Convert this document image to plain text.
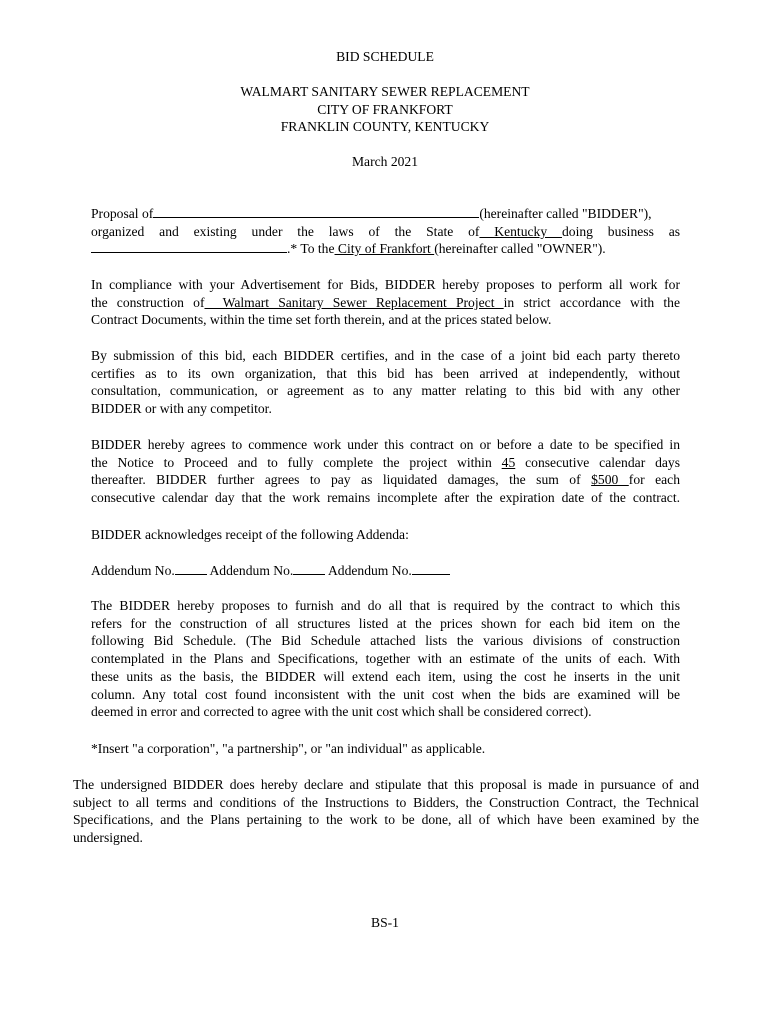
BID SCHEDULE
WALMART SANITARY SEWER REPLACEMENT
CITY OF FRANKFORT
FRANKLIN COUNTY, KENTUCKY
March 2021
Proposal of	(hereinafter called "BIDDER"),
organized and existing under the laws of the State of Kentucky doing business as
.* To the City of Frankfort (hereinafter called "OWNER").
In compliance with your Advertisement for Bids, BIDDER hereby proposes to perform all work for
the construction of  Walmart Sanitary Sewer Replacement Project in strict accordance with the
Contract Documents, within the time set forth therein, and at the prices stated below.
By submission of this bid, each BIDDER certifies, and in the case of a joint bid each party thereto
certifies as to its own organization, that this bid has been arrived at independently, without
consultation, communication, or agreement as to any matter relating to this bid with any other
BIDDER or with any competitor.
BIDDER hereby agrees to commence work under this contract on or before a date to be specified in
the Notice to Proceed and to fully complete the project within 45 consecutive calendar days
thereafter. BIDDER further agrees to pay as liquidated damages, the sum of $500 for each
consecutive calendar day that the work remains incomplete after the expiration date of the contract.
BIDDER acknowledges receipt of the following Addenda:
Addendum No.	Addendum No.	Addendum No.
The BIDDER hereby proposes to furnish and do all that is required by the contract to which this
refers for the construction of all structures listed at the prices shown for each bid item on the
following Bid Schedule. (The Bid Schedule attached lists the various divisions of construction
contemplated in the Plans and Specifications, together with an estimate of the units of each. With
these units as the basis, the BIDDER will extend each item, using the cost he inserts in the unit
column. Any total cost found inconsistent with the unit cost when the bids are examined will be
deemed in error and corrected to agree with the unit cost which shall be considered correct).
*Insert "a corporation", "a partnership", or "an individual" as applicable.
The undersigned BIDDER does hereby declare and stipulate that this proposal is made in pursuance of and
subject to all terms and conditions of the Instructions to Bidders, the Construction Contract, the Technical
Specifications, and the Plans pertaining to the work to be done, all of which have been examined by the
undersigned.
BS-1
